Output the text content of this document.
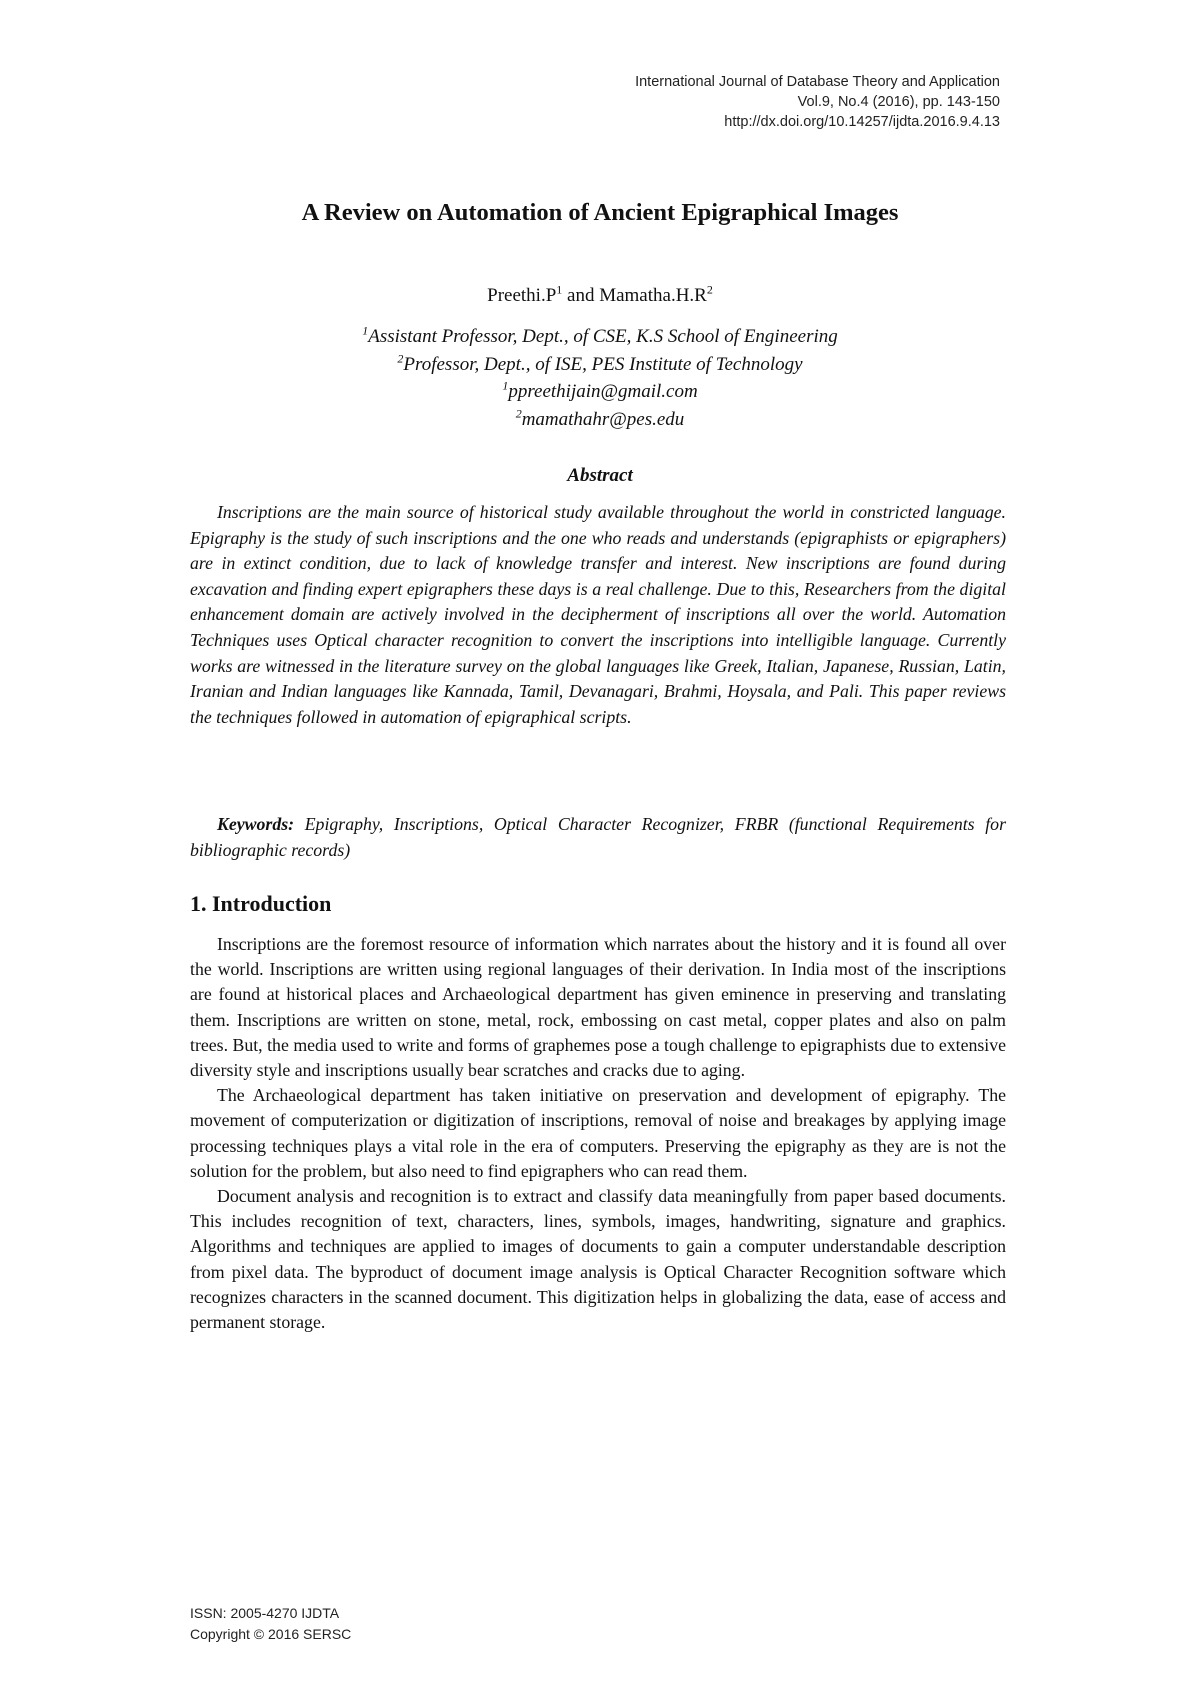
International Journal of Database Theory and Application
Vol.9, No.4 (2016), pp. 143-150
http://dx.doi.org/10.14257/ijdta.2016.9.4.13
A Review on Automation of Ancient Epigraphical Images
$Preethi.P^1$ and $Mamatha.H.R^2$
$^1$Assistant Professor, Dept., of CSE, K.S School of Engineering
$^2$Professor, Dept., of ISE, PES Institute of Technology
$^1$ppreethijain@gmail.com
$^2$mamathahr@pes.edu
Abstract
Inscriptions are the main source of historical study available throughout the world in constricted language. Epigraphy is the study of such inscriptions and the one who reads and understands (epigraphists or epigraphers) are in extinct condition, due to lack of knowledge transfer and interest. New inscriptions are found during excavation and finding expert epigraphers these days is a real challenge. Due to this, Researchers from the digital enhancement domain are actively involved in the decipherment of inscriptions all over the world. Automation Techniques uses Optical character recognition to convert the inscriptions into intelligible language. Currently works are witnessed in the literature survey on the global languages like Greek, Italian, Japanese, Russian, Latin, Iranian and Indian languages like Kannada, Tamil, Devanagari, Brahmi, Hoysala, and Pali. This paper reviews the techniques followed in automation of epigraphical scripts.
Keywords: Epigraphy, Inscriptions, Optical Character Recognizer, FRBR (functional Requirements for bibliographic records)
1. Introduction

Inscriptions are the foremost resource of information which narrates about the history and it is found all over the world. Inscriptions are written using regional languages of their derivation. In India most of the inscriptions are found at historical places and Archaeological department has given eminence in preserving and translating them. Inscriptions are written on stone, metal, rock, embossing on cast metal, copper plates and also on palm trees. But, the media used to write and forms of graphemes pose a tough challenge to epigraphists due to extensive diversity style and inscriptions usually bear scratches and cracks due to aging.

The Archaeological department has taken initiative on preservation and development of epigraphy. The movement of computerization or digitization of inscriptions, removal of noise and breakages by applying image processing techniques plays a vital role in the era of computers. Preserving the epigraphy as they are is not the solution for the problem, but also need to find epigraphers who can read them.

Document analysis and recognition is to extract and classify data meaningfully from paper based documents. This includes recognition of text, characters, lines, symbols, images, handwriting, signature and graphics. Algorithms and techniques are applied to images of documents to gain a computer understandable description from pixel data. The byproduct of document image analysis is Optical Character Recognition software which recognizes characters in the scanned document. This digitization helps in globalizing the data, ease of access and permanent storage.

ISSN: 2005-4270 IJDTA
Copyright © 2016 SERSC
